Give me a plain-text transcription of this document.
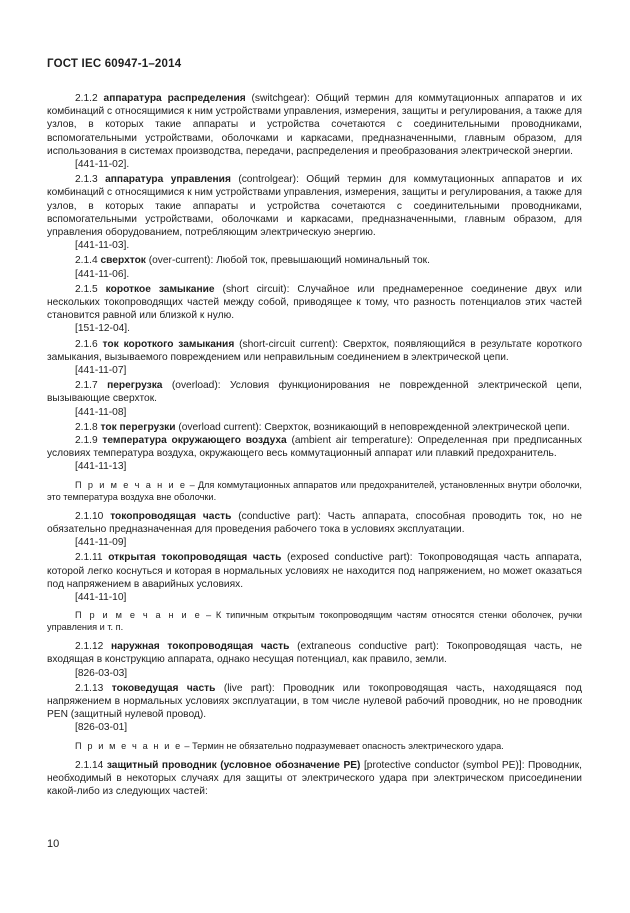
ГОСТ IEC 60947-1–2014

2.1.2 аппаратура распределения (switchgear): Общий термин для коммутационных аппаратов и их комбинаций с относящимися к ним устройствами управления, измерения, защиты и регулирования, а также для узлов, в которых такие аппараты и устройства сочетаются с соединительными проводниками, вспомогательными устройствами, оболочками и каркасами, предназначенными, главным образом, для использования в системах производства, передачи, распределения и преобразования электрической энергии.

[441-11-02].

2.1.3 аппаратура управления (controlgear): Общий термин для коммутационных аппаратов и их комбинаций с относящимися к ним устройствами управления, измерения, защиты и регулирования, а также для узлов, в которых такие аппараты и устройства сочетаются с соединительными проводниками, вспомогательными устройствами, оболочками и каркасами, предназначенными, главным образом, для управления оборудованием, потребляющим электрическую энергию.

[441-11-03].

2.1.4 сверхток (over-current): Любой ток, превышающий номинальный ток.

[441-11-06].

2.1.5 короткое замыкание (short circuit): Случайное или преднамеренное соединение двух или нескольких токопроводящих частей между собой, приводящее к тому, что разность потенциалов этих частей становится равной или близкой к нулю.

[151-12-04].

2.1.6 ток короткого замыкания (short-circuit current): Сверхток, появляющийся в результате короткого замыкания, вызываемого повреждением или неправильным соединением в электрической цепи.

[441-11-07]

2.1.7 перегрузка (overload): Условия функционирования не поврежденной электрической цепи, вызывающие сверхток.

[441-11-08]

2.1.8 ток перегрузки (overload current): Сверхток, возникающий в неповрежденной электрической цепи.

2.1.9 температура окружающего воздуха (ambient air temperature): Определенная при предписанных условиях температура воздуха, окружающего весь коммутационный аппарат или плавкий предохранитель.

[441-11-13]

П р и м е ч а н и е – Для коммутационных аппаратов или предохранителей, установленных внутри оболочки, это температура воздуха вне оболочки.

2.1.10 токопроводящая часть (conductive part): Часть аппарата, способная проводить ток, но не обязательно предназначенная для проведения рабочего тока в условиях эксплуатации.

[441-11-09]

2.1.11 открытая токопроводящая часть (exposed conductive part): Токопроводящая часть аппарата, которой легко коснуться и которая в нормальных условиях не находится под напряжением, но может оказаться под напряжением в аварийных условиях.

[441-11-10]

П р и м е ч а н и е – К типичным открытым токопроводящим частям относятся стенки оболочек, ручки управления и т. п.

2.1.12 наружная токопроводящая часть (extraneous conductive part): Токопроводящая часть, не входящая в конструкцию аппарата, однако несущая потенциал, как правило, земли.

[826-03-03]

2.1.13 токоведущая часть (live part): Проводник или токопроводящая часть, находящаяся под напряжением в нормальных условиях эксплуатации, в том числе нулевой рабочий проводник, но не проводник PEN (защитный нулевой провод).

[826-03-01]

П р и м е ч а н и е – Термин не обязательно подразумевает опасность электрического удара.

2.1.14 защитный проводник (условное обозначение PE) [protective conductor (symbol PE)]: Проводник, необходимый в некоторых случаях для защиты от электрического удара при электрическом присоединении какой-либо из следующих частей:

10
